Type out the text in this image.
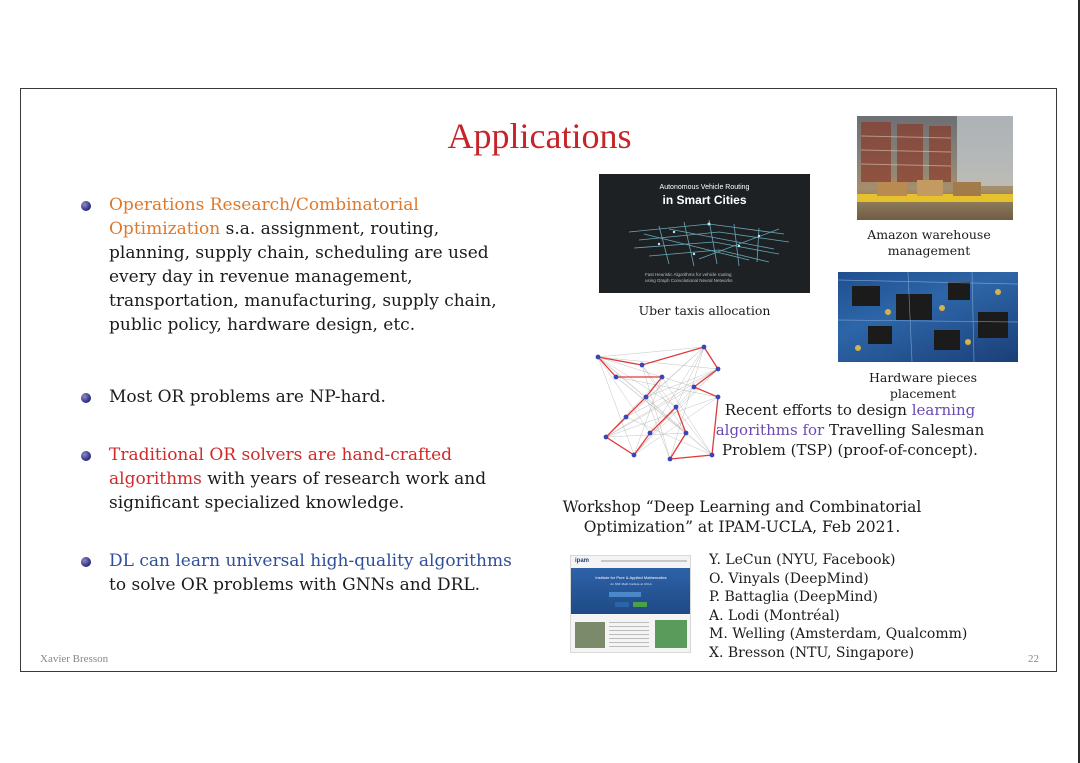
Applications
Operations Research/Combinatorial Optimization s.a. assignment, routing, planning, supply chain, scheduling are used every day in revenue management, transportation, manufacturing, supply chain, public policy, hardware design, etc.
Most OR problems are NP-hard.
Traditional OR solvers are hand-crafted algorithms with years of research work and significant specialized knowledge.
DL can learn universal high-quality algorithms to solve OR problems with GNNs and DRL.
Autonomous Vehicle Routing
in Smart Cities
Fast Heuristic Algorithms for vehicle routing
using Graph Convolutional Neural Networks
Uber taxis allocation
Amazon warehouse
management
Hardware pieces placement
Recent efforts to design learning algorithms for Travelling Salesman Problem (TSP) (proof-of-concept).
Workshop “Deep Learning and Combinatorial Optimization” at IPAM-UCLA, Feb 2021.
ipam
Institute for Pure & Applied Mathematics
An NSF Math Institute at UCLA
Y. LeCun (NYU, Facebook)
O. Vinyals (DeepMind)
P. Battaglia (DeepMind)
A. Lodi (Montréal)
M. Welling (Amsterdam, Qualcomm)
X. Bresson (NTU, Singapore)
Xavier Bresson	22
